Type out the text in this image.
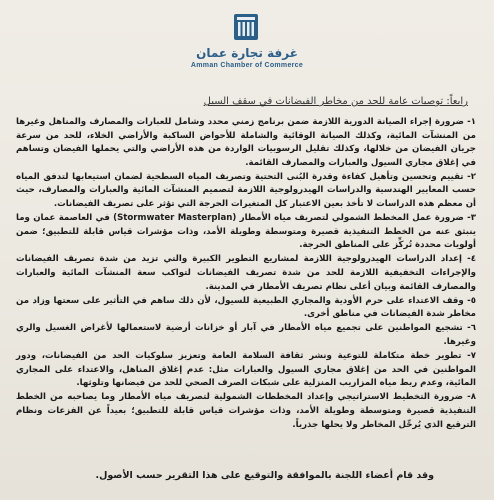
غرفة تجارة عمان
Amman Chamber of Commerce
رابعاً: توصيات عامة للحد من مخاطر الفيضانات في سقف السيل

١- ضرورة إجراء الصيانة الدورية اللازمة ضمن برنامج زمني محدد وشامل للعبارات والمصارف والمناهل وغيرها من المنشآت المائية، وكذلك الصيانة الوقائية والشاملة للأحواض الساكبة والأراضي الخلاء، للحد من سرعة جريان الفيضان من خلالها، وكذلك تقليل الرسوبيات الواردة من هذه الأراضي والتي يحملها الفيضان وتساهم في إغلاق مجاري السيول والعبارات والمصارف القائمة.

٢- تقييم وتحسين وتأهيل كفاءة وقدرة البُنى التحتية وتصريف المياه السطحية لضمان استيعابها لتدفق المياه حسب المعايير الهندسية والدراسات الهيدرولوجية اللازمة لتصميم المنشآت المائية والعبارات والمصارف، حيث أن معظم هذه الدراسات لا تأخذ بعين الاعتبار كل المتغيرات الحرجة التي تؤثر على تصريف الفيضانات.

٣- ضرورة عمل المخطط الشمولي لتصريف مياه الأمطار (Stormwater Masterplan) في العاصمة عمان وما ينبثق عنه من الخطط التنفيذية قصيرة ومتوسطة وطويلة الأمد، وذات مؤشرات قياس قابلة للتطبيق؛ ضمن أولويات محددة تُركِّز على المناطق الحرجة.

٤- إعداد الدراسات الهيدرولوجية اللازمة لمشاريع التطوير الكبيرة والتي تزيد من شدة تصريف الفيضانات والإجراءات التخفيفية اللازمة للحد من شدة تصريف الفيضانات لتواكب سعة المنشآت المائية والعبارات والمصارف القائمة وبيان أعلى نظام تصريف الأمطار في المدينة.

٥- وقف الاعتداء على حرم الأودية والمجاري الطبيعية للسيول، لأن ذلك ساهم في التأثير على سعتها وزاد من مخاطر شدة الفيضانات في مناطق أخرى.

٦- تشجيع المواطنين على تجميع مياه الأمطار في آبار أو خزانات أرضية لاستعمالها لأغراض الغسيل والري وغيرها.

٧- تطوير خطة متكاملة للتوعية ونشر ثقافة السلامة العامة وتعزيز سلوكيات الحد من الفيضانات، ودور المواطنين في الحد من إغلاق مجاري السيول والعبارات مثل: عدم إغلاق المناهل، والاعتداء على المجاري المائية، وعدم ربط مياه المزاريب المنزلية على شبكات الصرف الصحي للحد من فيضانها وتلوثها.

٨- ضرورة التخطيط الاستراتيجي وإعداد المخططات الشمولية لتصريف مياه الأمطار وما يصاحبه من الخطط التنفيذية قصيرة ومتوسطة وطويلة الأمد، وذات مؤشرات قياس قابلة للتطبيق؛ بعيداً عن الفزعات ونظام الترقيع الذي يُرحِّل المخاطر ولا يحلها جذرياً.

وقد قام أعضاء اللجنة بالموافقة والتوقيع على هذا التقرير حسب الأصول.
